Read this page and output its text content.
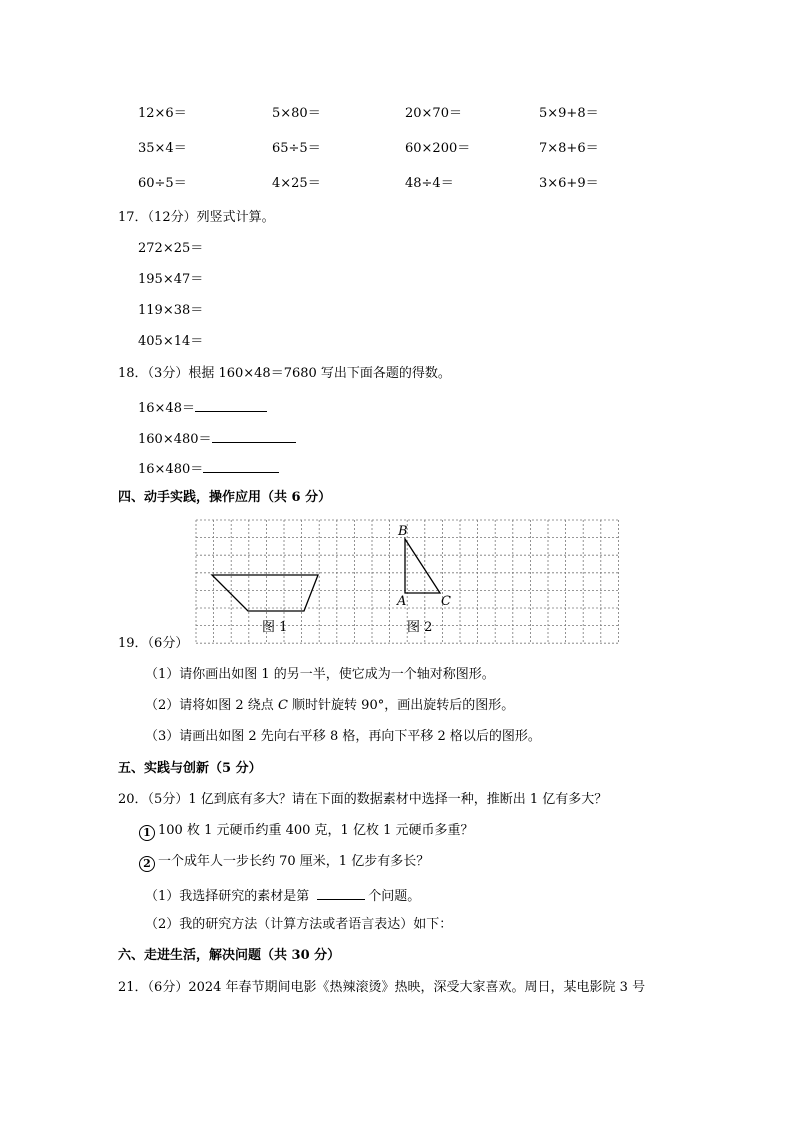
12×6＝	5×80＝	20×70＝	5×9+8＝
35×4＝	65÷5＝	60×200＝	7×8+6＝
60÷5＝	4×25＝	48÷4＝	3×6+9＝
17．（12分）列竖式计算。
272×25＝
195×47＝
119×38＝
405×14＝
18．（3分）根据 160×48＝7680 写出下面各题的得数。
16×48＝
160×480＝
16×480＝
四、动手实践，操作应用（共 6 分）
图 1	图 2
B
A	C
19．（6分）
（1）请你画出如图 1 的另一半，使它成为一个轴对称图形。
（2）请将如图 2 绕点 C 顺时针旋转 90°，画出旋转后的图形。
（3）请画出如图 2 先向右平移 8 格，再向下平移 2 格以后的图形。
五、实践与创新（5 分）
20．（5分）1 亿到底有多大？请在下面的数据素材中选择一种，推断出 1 亿有多大？
1 100 枚 1 元硬币约重 400 克，1 亿枚 1 元硬币多重？
2 一个成年人一步长约 70 厘米，1 亿步有多长？
（1）我选择研究的素材是第	个问题。
（2）我的研究方法（计算方法或者语言表达）如下：
六、走进生活，解决问题（共 30 分）
21．（6分）2024 年春节期间电影《热辣滚烫》热映，深受大家喜欢。周日，某电影院 3 号
